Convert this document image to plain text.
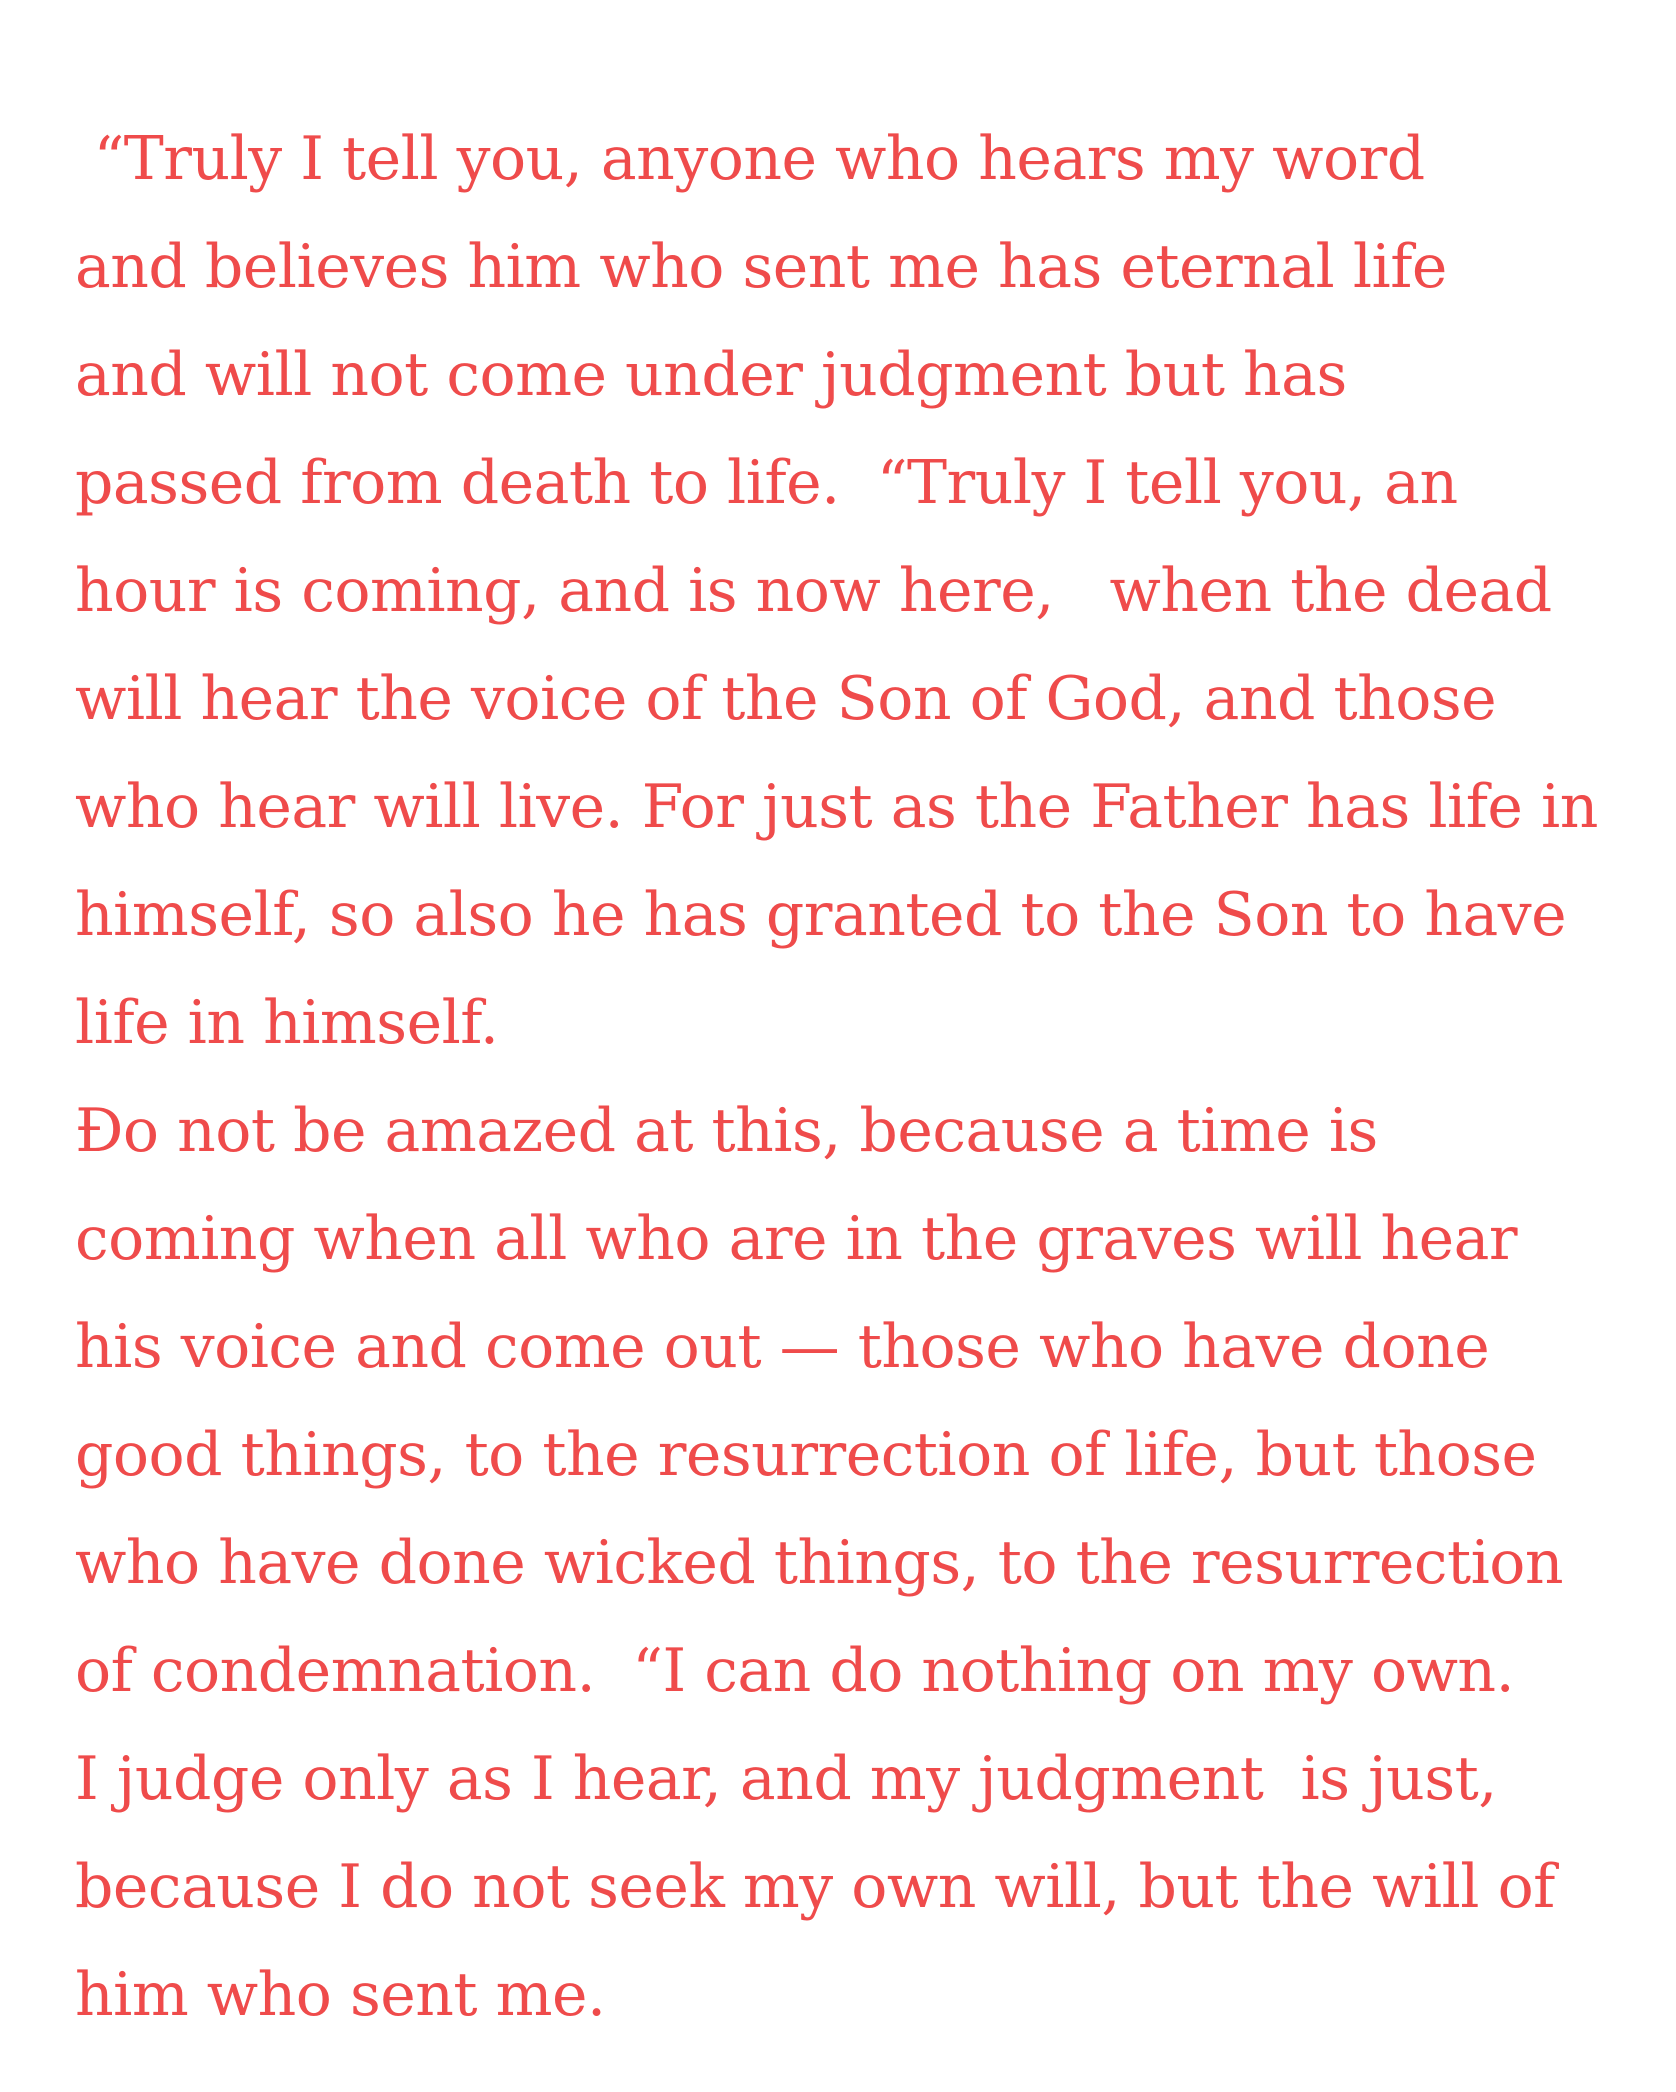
“Truly I tell you, anyone who hears my word
and believes him who sent me has eternal life
and will not come under judgment but has
passed from death to life.  “Truly I tell you, an
hour is coming, and is now here,   when the dead
will hear the voice of the Son of God, and those
who hear will live. For just as the Father has life in
himself, so also he has granted to the Son to have
life in himself.
Đo not be amazed at this, because a time is
coming when all who are in the graves will hear
his voice and come out — those who have done
good things, to the resurrection of life, but those
who have done wicked things, to the resurrection
of condemnation.  “I can do nothing on my own.
I judge only as I hear, and my judgment  is just,
because I do not seek my own will, but the will of
him who sent me.
